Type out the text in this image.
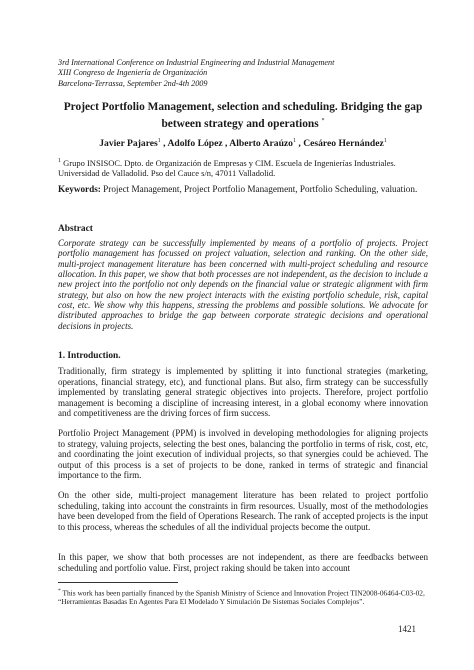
3rd International Conference on Industrial Engineering and Industrial Management
XIII Congreso de Ingeniería de Organización
Barcelona-Terrassa, September 2nd-4th 2009
Project Portfolio Management, selection and scheduling. Bridging the gap between strategy and operations *
Javier Pajares$^1$ , Adolfo López , Alberto Araúzo$^1$ , Cesáreo Hernández$^1$
$^1$ Grupo INSISOC. Dpto. de Organización de Empresas y CIM. Escuela de Ingenierías Industriales. Universidad de Valladolid. Pso del Cauce s/n, 47011 Valladolid.
Keywords: Project Management, Project Portfolio Management, Portfolio Scheduling, valuation.
Abstract
Corporate strategy can be successfully implemented by means of a portfolio of projects. Project portfolio management has focussed on project valuation, selection and ranking. On the other side, multi-project management literature has been concerned with multi-project scheduling and resource allocation. In this paper, we show that both processes are not independent, as the decision to include a new project into the portfolio not only depends on the financial value or strategic alignment with firm strategy, but also on how the new project interacts with the existing portfolio schedule, risk, capital cost, etc. We show why this happens, stressing the problems and possible solutions. We advocate for distributed approaches to bridge the gap between corporate strategic decisions and operational decisions in projects.
1. Introduction.
Traditionally, firm strategy is implemented by splitting it into functional strategies (marketing, operations, financial strategy, etc), and functional plans. But also, firm strategy can be successfully implemented by translating general strategic objectives into projects. Therefore, project portfolio management is becoming a discipline of increasing interest, in a global economy where innovation and competitiveness are the driving forces of firm success.
Portfolio Project Management (PPM) is involved in developing methodologies for aligning projects to strategy, valuing projects, selecting the best ones, balancing the portfolio in terms of risk, cost, etc, and coordinating the joint execution of individual projects, so that synergies could be achieved. The output of this process is a set of projects to be done, ranked in terms of strategic and financial importance to the firm.
On the other side, multi-project management literature has been related to project portfolio scheduling, taking into account the constraints in firm resources. Usually, most of the methodologies have been developed from the field of Operations Research. The rank of accepted projects is the input to this process, whereas the schedules of all the individual projects become the output.
In this paper, we show that both processes are not independent, as there are feedbacks between scheduling and portfolio value. First, project raking should be taken into account
* This work has been partially financed by the Spanish Ministry of Science and Innovation Project TIN2008-06464-C03-02, “Herramientas Basadas En Agentes Para El Modelado Y Simulación De Sistemas Sociales Complejos”.
1421
